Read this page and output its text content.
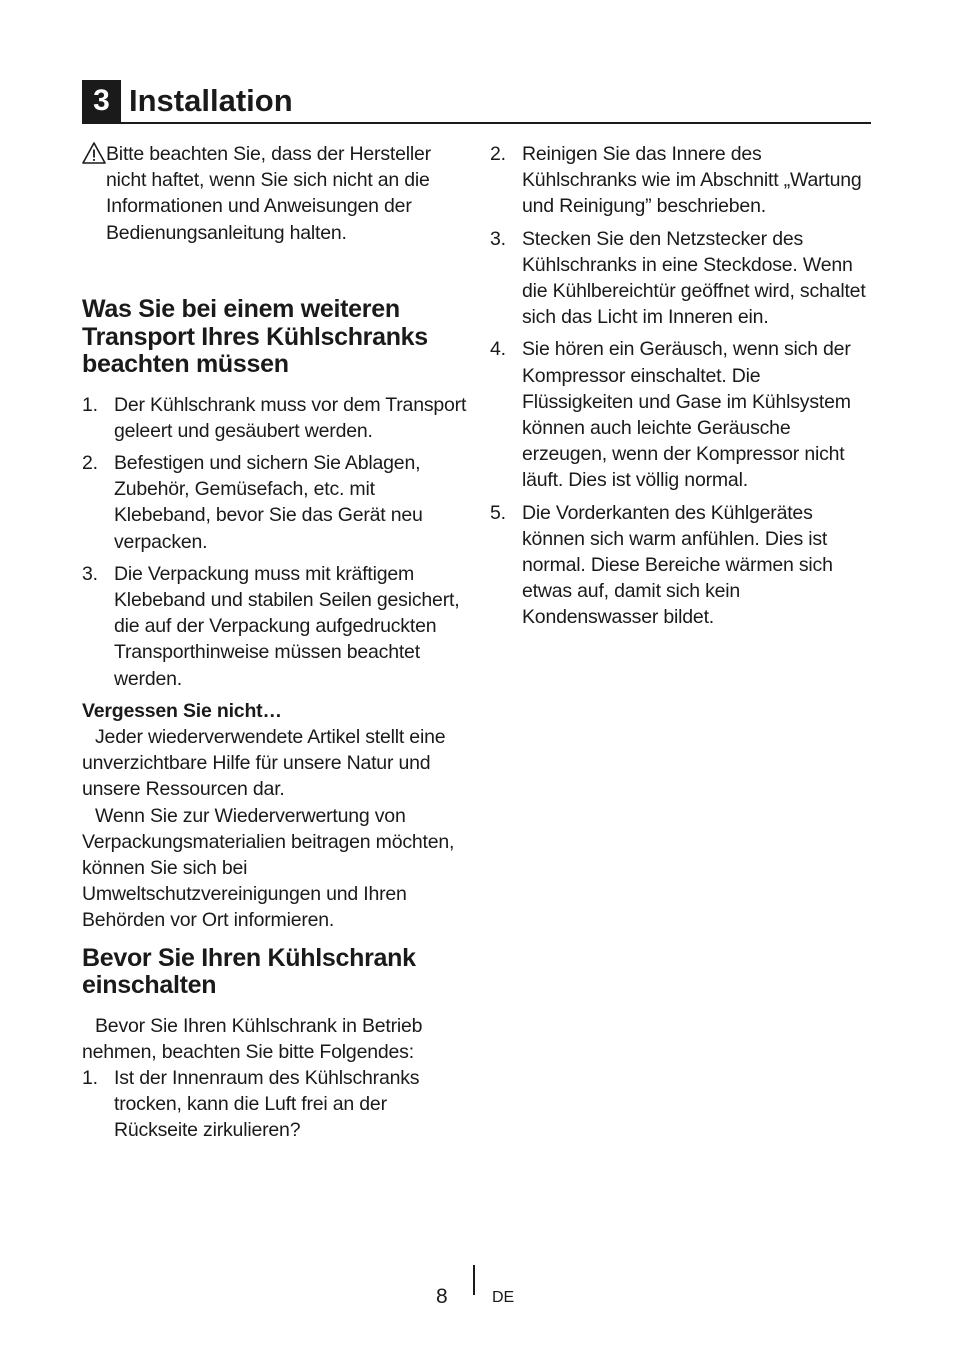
3 Installation
Bitte beachten Sie, dass der Hersteller nicht haftet, wenn Sie sich nicht an die Informationen und Anweisungen der Bedienungsanleitung halten.
Was Sie bei einem weiteren Transport Ihres Kühlschranks beachten müssen
1. Der Kühlschrank muss vor dem Transport geleert und gesäubert werden.
2. Befestigen und sichern Sie Ablagen, Zubehör, Gemüsefach, etc. mit Klebeband, bevor Sie das Gerät neu verpacken.
3. Die Verpackung muss mit kräftigem Klebeband und stabilen Seilen gesichert, die auf der Verpackung aufgedruckten Transporthinweise müssen beachtet werden.
Vergessen Sie nicht…

Jeder wiederverwendete Artikel stellt eine unverzichtbare Hilfe für unsere Natur und unsere Ressourcen dar.

Wenn Sie zur Wiederverwertung von Verpackungsmaterialien beitragen möchten, können Sie sich bei Umweltschutzvereinigungen und Ihren Behörden vor Ort informieren.

Bevor Sie Ihren Kühlschrank einschalten

Bevor Sie Ihren Kühlschrank in Betrieb nehmen, beachten Sie bitte Folgendes:

1. Ist der Innenraum des Kühlschranks trocken, kann die Luft frei an der Rückseite zirkulieren?
2. Reinigen Sie das Innere des Kühlschranks wie im Abschnitt „Wartung und Reinigung” beschrieben.
3. Stecken Sie den Netzstecker des Kühlschranks in eine Steckdose. Wenn die Kühlbereichtür geöffnet wird, schaltet sich das Licht im Inneren ein.
4. Sie hören ein Geräusch, wenn sich der Kompressor einschaltet. Die Flüssigkeiten und Gase im Kühlsystem können auch leichte Geräusche erzeugen, wenn der Kompressor nicht läuft. Dies ist völlig normal.
5. Die Vorderkanten des Kühlgerätes können sich warm anfühlen. Dies ist normal. Diese Bereiche wärmen sich etwas auf, damit sich kein Kondenswasser bildet.
8	DE
